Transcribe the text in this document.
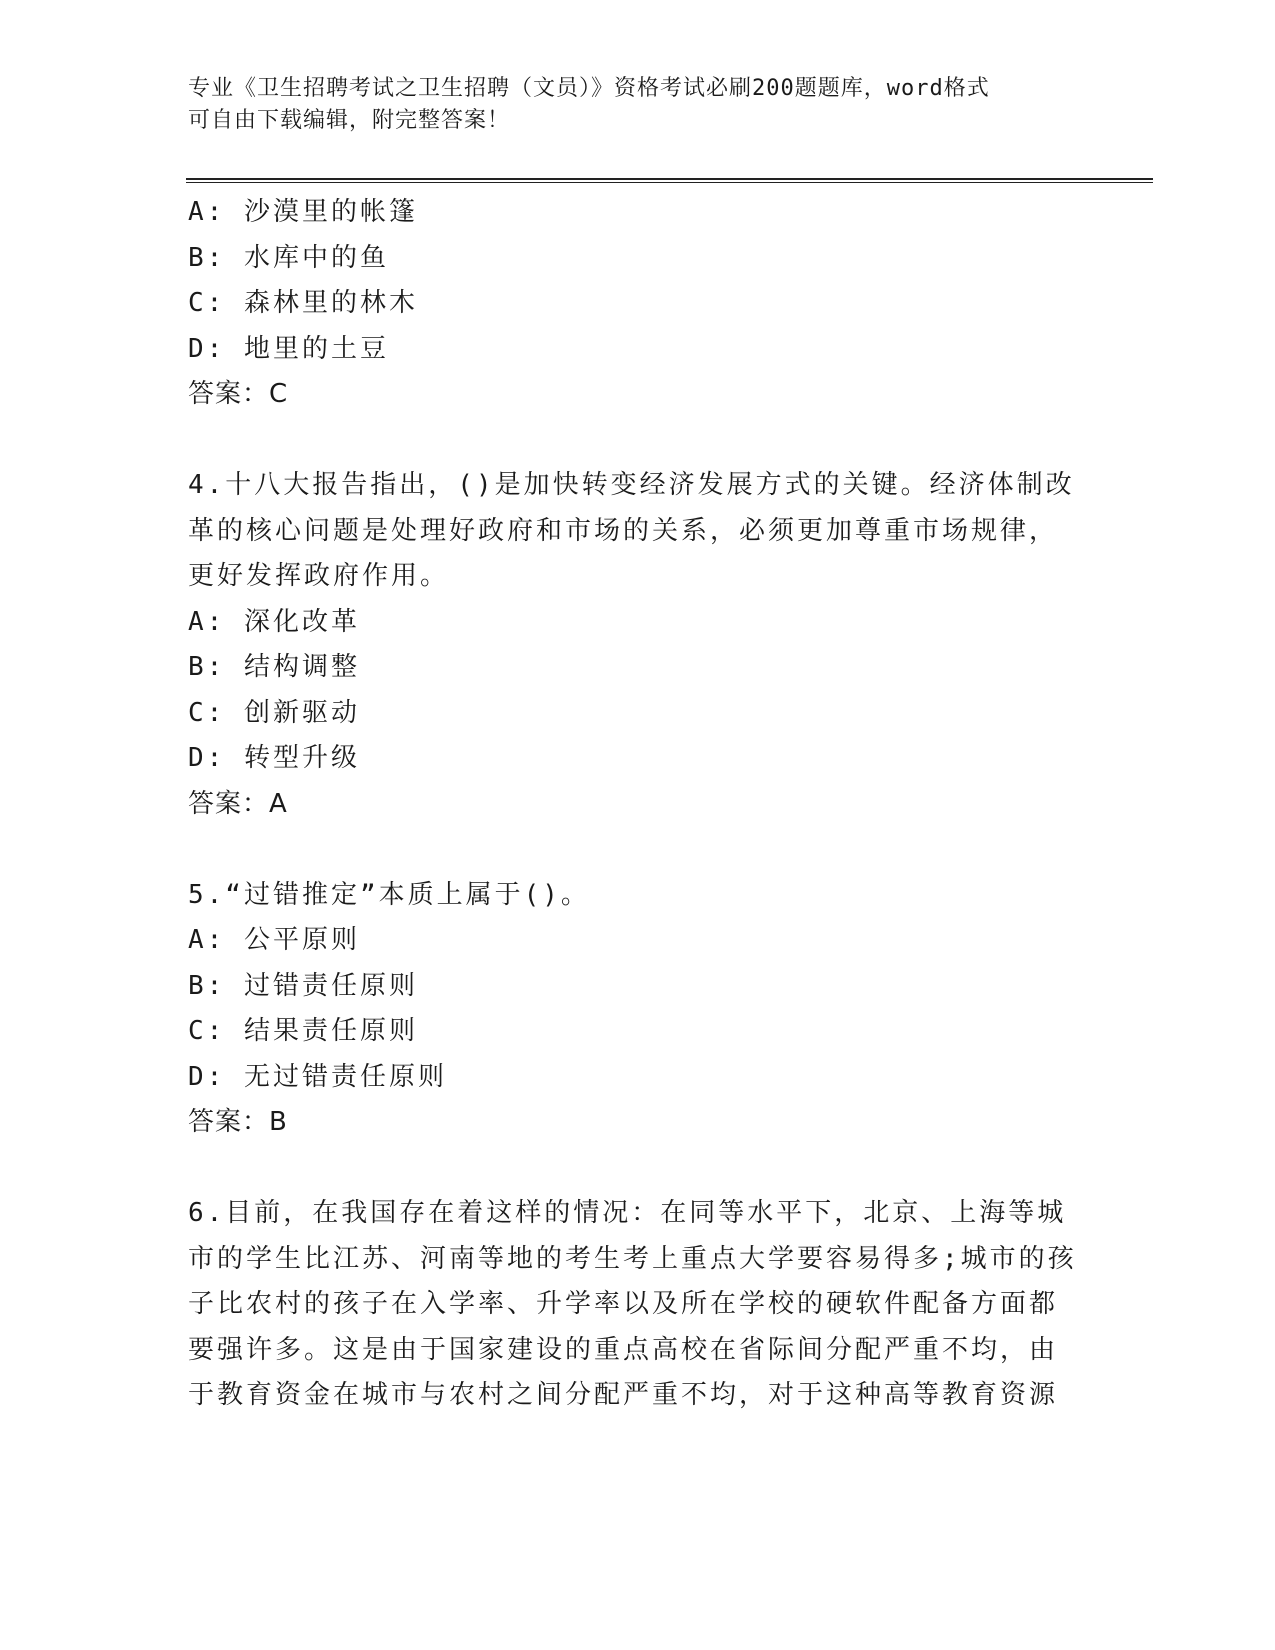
专业《卫生招聘考试之卫生招聘（文员）》资格考试必刷200题题库，word格式
可自由下载编辑，附完整答案！
A: 沙漠里的帐篷
B: 水库中的鱼
C: 森林里的林木
D: 地里的土豆
答案：C
4.十八大报告指出，()是加快转变经济发展方式的关键。经济体制改
革的核心问题是处理好政府和市场的关系，必须更加尊重市场规律，
更好发挥政府作用。
A: 深化改革
B: 结构调整
C: 创新驱动
D: 转型升级
答案：A
5.“过错推定”本质上属于()。
A: 公平原则
B: 过错责任原则
C: 结果责任原则
D: 无过错责任原则
答案：B
6.目前，在我国存在着这样的情况：在同等水平下，北京、上海等城
市的学生比江苏、河南等地的考生考上重点大学要容易得多;城市的孩
子比农村的孩子在入学率、升学率以及所在学校的硬软件配备方面都
要强许多。这是由于国家建设的重点高校在省际间分配严重不均，由
于教育资金在城市与农村之间分配严重不均，对于这种高等教育资源
